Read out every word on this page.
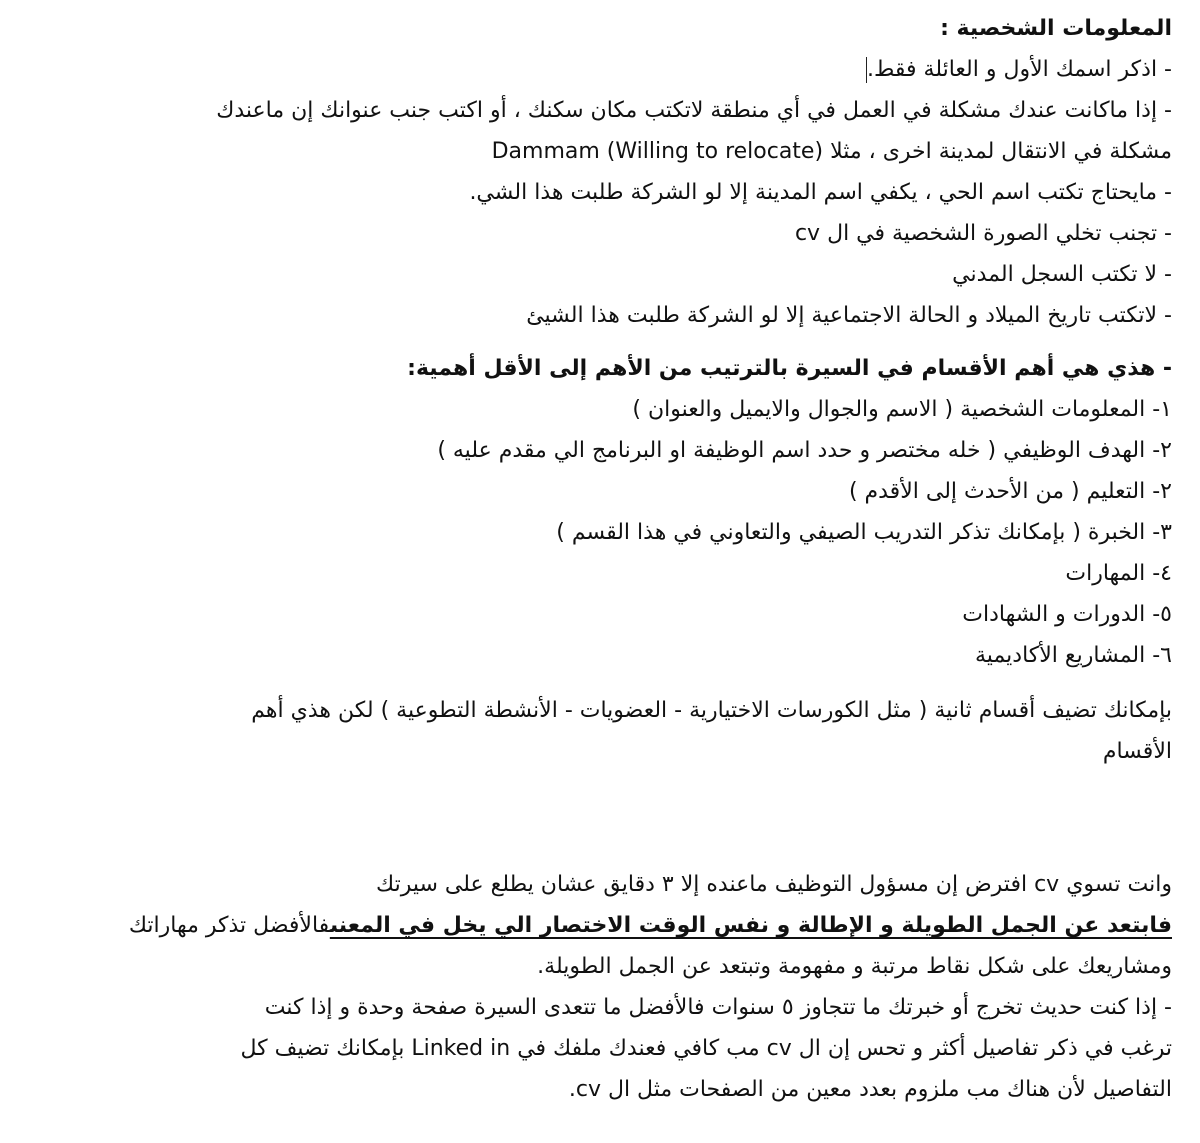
المعلومات الشخصية :
- اذكر اسمك الأول و العائلة فقط.
- إذا ماكانت عندك مشكلة في العمل في أي منطقة لاتكتب مكان سكنك ، أو اكتب جنب عنوانك إن ماعندك
مشكلة في الانتقال لمدينة اخرى ، مثلا Dammam (Willing to relocate)
- مايحتاج تكتب اسم الحي ، يكفي اسم المدينة إلا لو الشركة طلبت هذا الشي.
- تجنب تخلي الصورة الشخصية في ال cv
- لا تكتب السجل المدني
- لاتكتب تاريخ الميلاد و الحالة الاجتماعية إلا لو الشركة طلبت هذا الشيئ
- هذي هي أهم الأقسام في السيرة بالترتيب من الأهم إلى الأقل أهمية:
١- المعلومات الشخصية ( الاسم والجوال والايميل والعنوان )
٢- الهدف الوظيفي ( خله مختصر و حدد اسم الوظيفة او البرنامج الي مقدم عليه )
٢- التعليم ( من الأحدث إلى الأقدم )
٣- الخبرة ( بإمكانك تذكر التدريب الصيفي والتعاوني في هذا القسم )
٤- المهارات
٥- الدورات و الشهادات
٦- المشاريع الأكاديمية
بإمكانك تضيف أقسام ثانية ( مثل الكورسات الاختيارية - العضويات - الأنشطة التطوعية ) لكن هذي أهم
الأقسام
وانت تسوي cv افترض إن مسؤول التوظيف ماعنده إلا ٣ دقايق عشان يطلع على سيرتك
فابتعد عن الجمل الطويلة و الإطالة و نفس الوقت الاختصار الي يخل في المعنىفالأفضل تذكر مهاراتك
ومشاريعك على شكل نقاط مرتبة و مفهومة وتبتعد عن الجمل الطويلة.
- إذا كنت حديث تخرج أو خبرتك ما تتجاوز ٥ سنوات فالأفضل ما تتعدى السيرة صفحة وحدة و إذا كنت
ترغب في ذكر تفاصيل أكثر و تحس إن ال cv مب كافي فعندك ملفك في Linked in بإمكانك تضيف كل
التفاصيل لأن هناك مب ملزوم بعدد معين من الصفحات مثل ال cv.
